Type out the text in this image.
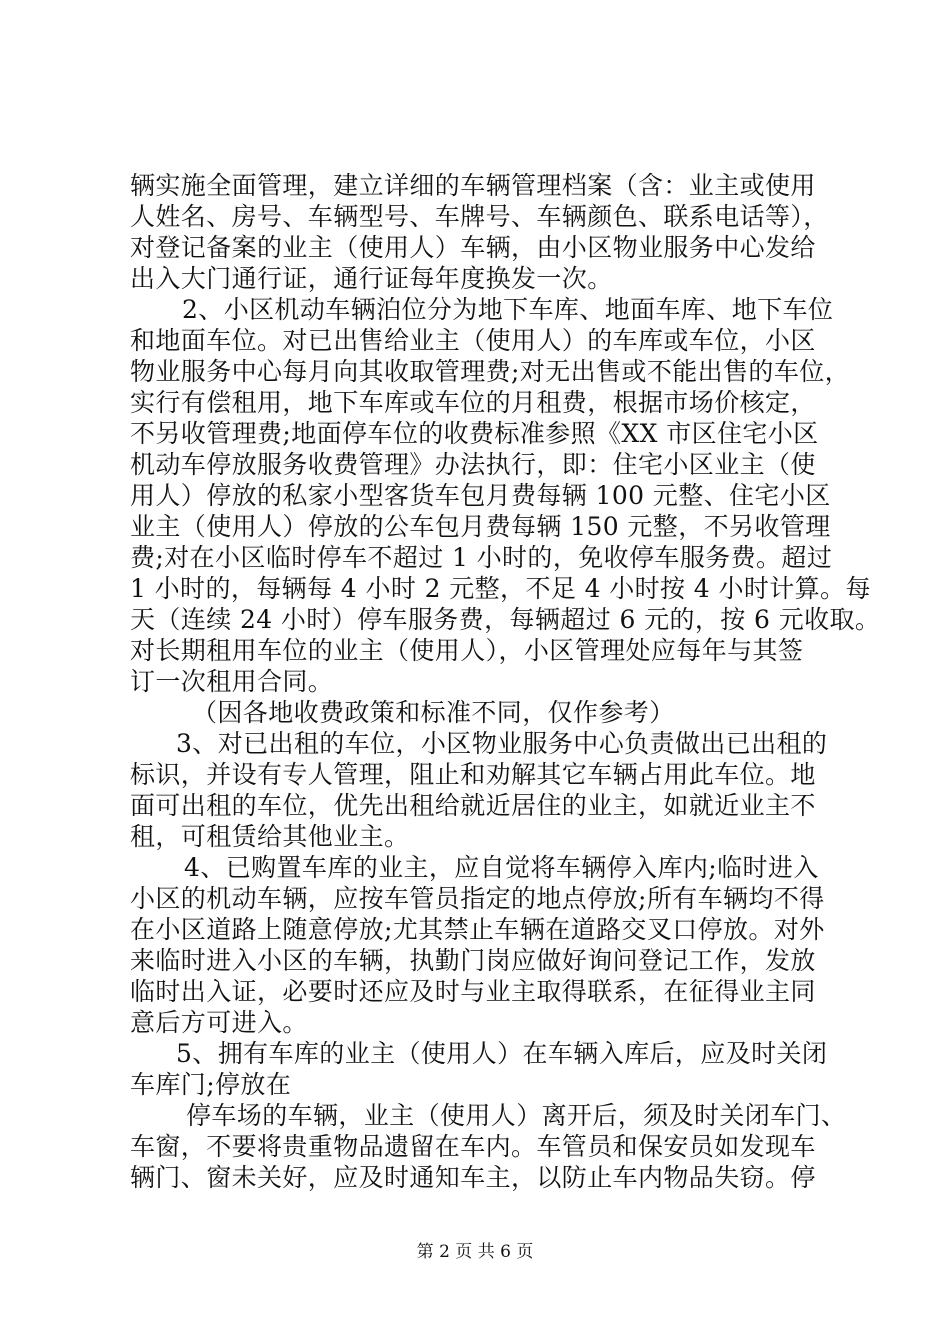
辆实施全面管理，建立详细的车辆管理档案（含：业主或使用
人姓名、房号、车辆型号、车牌号、车辆颜色、联系电话等），
对登记备案的业主（使用人）车辆，由小区物业服务中心发给
出入大门通行证，通行证每年度换发一次。
2、小区机动车辆泊位分为地下车库、地面车库、地下车位
和地面车位。对已出售给业主（使用人）的车库或车位，小区
物业服务中心每月向其收取管理费;对无出售或不能出售的车位，
实行有偿租用，地下车库或车位的月租费，根据市场价核定，
不另收管理费;地面停车位的收费标准参照《XX 市区住宅小区
机动车停放服务收费管理》办法执行，即：住宅小区业主（使
用人）停放的私家小型客货车包月费每辆 100 元整、住宅小区
业主（使用人）停放的公车包月费每辆 150 元整，不另收管理
费;对在小区临时停车不超过 1 小时的，免收停车服务费。超过
1 小时的，每辆每 4 小时 2 元整，不足 4 小时按 4 小时计算。每
天（连续 24 小时）停车服务费，每辆超过 6 元的，按 6 元收取。
对长期租用车位的业主（使用人），小区管理处应每年与其签
订一次租用合同。
（因各地收费政策和标准不同，仅作参考）
3、对已出租的车位，小区物业服务中心负责做出已出租的
标识，并设有专人管理，阻止和劝解其它车辆占用此车位。地
面可出租的车位，优先出租给就近居住的业主，如就近业主不
租，可租赁给其他业主。
4、已购置车库的业主，应自觉将车辆停入库内;临时进入
小区的机动车辆，应按车管员指定的地点停放;所有车辆均不得
在小区道路上随意停放;尤其禁止车辆在道路交叉口停放。对外
来临时进入小区的车辆，执勤门岗应做好询问登记工作，发放
临时出入证，必要时还应及时与业主取得联系，在征得业主同
意后方可进入。
5、拥有车库的业主（使用人）在车辆入库后，应及时关闭
车库门;停放在
停车场的车辆，业主（使用人）离开后，须及时关闭车门、
车窗，不要将贵重物品遗留在车内。车管员和保安员如发现车
辆门、窗未关好，应及时通知车主，以防止车内物品失窃。停
第 2 页 共 6 页
